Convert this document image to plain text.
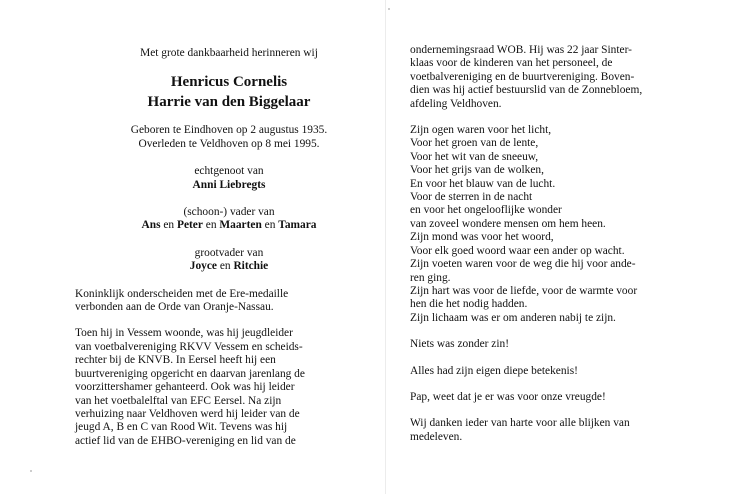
Met grote dankbaarheid herinneren wij

Henricus Cornelis

Harrie van den Biggelaar

Geboren te Eindhoven op 2 augustus 1935.

Overleden te Veldhoven op 8 mei 1995.

echtgenoot van

Anni Liebregts

(schoon-) vader van

Ans en Peter en Maarten en Tamara

grootvader van

Joyce en Ritchie

Koninklijk onderscheiden met de Ere-medaille

verbonden aan de Orde van Oranje-Nassau.

Toen hij in Vessem woonde, was hij jeugdleider

van voetbalvereniging RKVV Vessem en scheids-

rechter bij de KNVB. In Eersel heeft hij een

buurtvereniging opgericht en daarvan jarenlang de

voorzittershamer gehanteerd. Ook was hij leider

van het voetbalelftal van EFC Eersel. Na zijn

verhuizing naar Veldhoven werd hij leider van de

jeugd A, B en C van Rood Wit. Tevens was hij

actief lid van de EHBO-vereniging en lid van de

ondernemingsraad WOB. Hij was 22 jaar Sinter-

klaas voor de kinderen van het personeel, de

voetbalvereniging en de buurtvereniging. Boven-

dien was hij actief bestuurslid van de Zonnebloem,

afdeling Veldhoven.

Zijn ogen waren voor het licht,

Voor het groen van de lente,

Voor het wit van de sneeuw,

Voor het grijs van de wolken,

En voor het blauw van de lucht.

Voor de sterren in de nacht

en voor het ongelooflijke wonder

van zoveel wondere mensen om hem heen.

Zijn mond was voor het woord,

Voor elk goed woord waar een ander op wacht.

Zijn voeten waren voor de weg die hij voor ande-

ren ging.

Zijn hart was voor de liefde, voor de warmte voor

hen die het nodig hadden.

Zijn lichaam was er om anderen nabij te zijn.

Niets was zonder zin!

Alles had zijn eigen diepe betekenis!

Pap, weet dat je er was voor onze vreugde!

Wij danken ieder van harte voor alle blijken van

medeleven.
